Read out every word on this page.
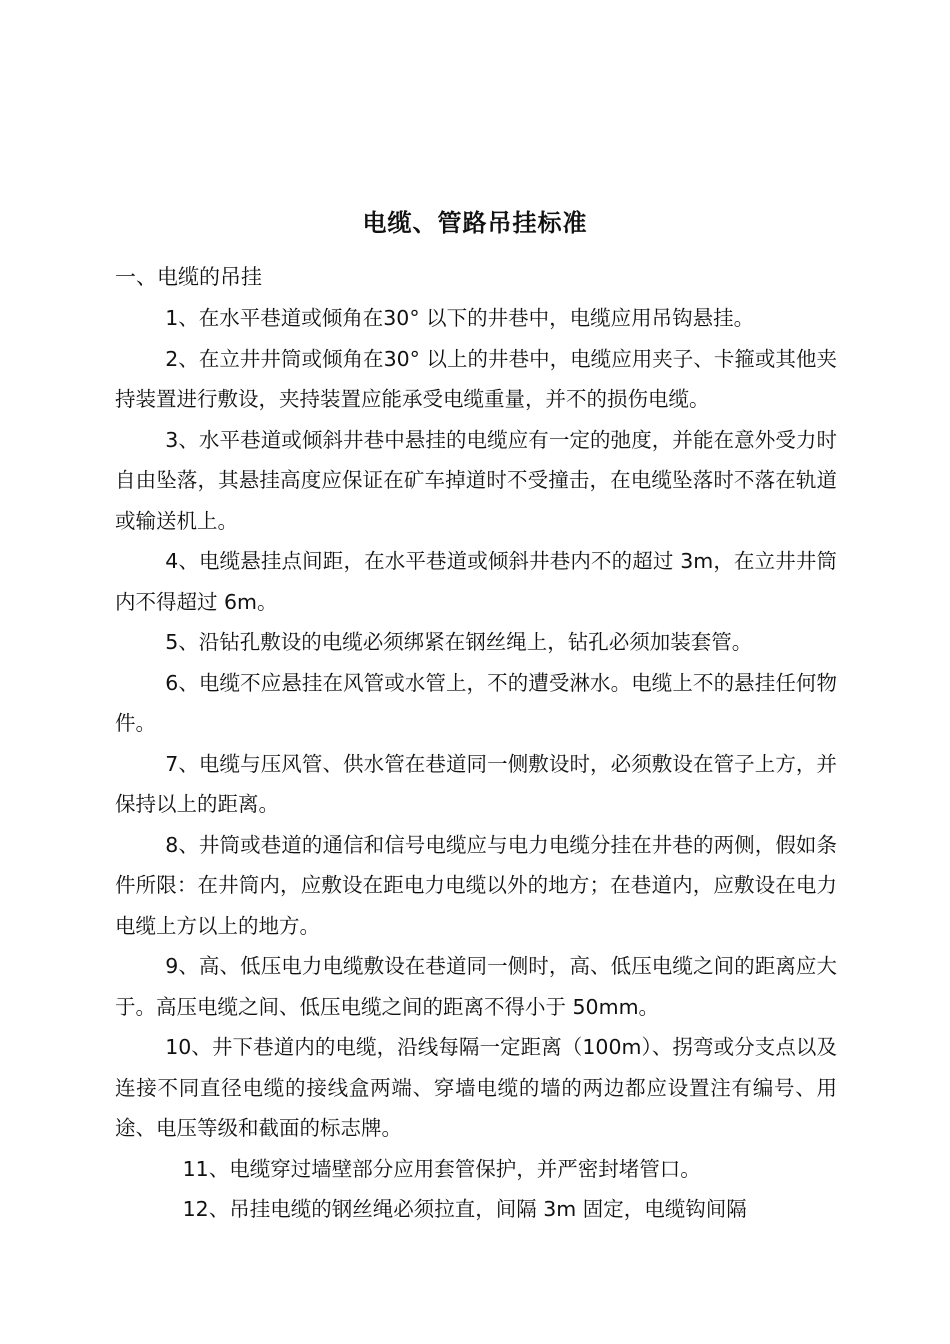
电缆、管路吊挂标准
一、电缆的吊挂

1、在水平巷道或倾角在30° 以下的井巷中，电缆应用吊钩悬挂。

2、在立井井筒或倾角在30° 以上的井巷中，电缆应用夹子、卡箍或其他夹持装置进行敷设，夹持装置应能承受电缆重量，并不的损伤电缆。

3、水平巷道或倾斜井巷中悬挂的电缆应有一定的弛度，并能在意外受力时自由坠落，其悬挂高度应保证在矿车掉道时不受撞击，在电缆坠落时不落在轨道或输送机上。

4、电缆悬挂点间距，在水平巷道或倾斜井巷内不的超过 3m，在立井井筒内不得超过 6m。

5、沿钻孔敷设的电缆必须绑紧在钢丝绳上，钻孔必须加装套管。

6、电缆不应悬挂在风管或水管上，不的遭受淋水。电缆上不的悬挂任何物件。

7、电缆与压风管、供水管在巷道同一侧敷设时，必须敷设在管子上方，并保持以上的距离。

8、井筒或巷道的通信和信号电缆应与电力电缆分挂在井巷的两侧，假如条件所限：在井筒内，应敷设在距电力电缆以外的地方；在巷道内，应敷设在电力电缆上方以上的地方。

9、高、低压电力电缆敷设在巷道同一侧时，高、低压电缆之间的距离应大于。高压电缆之间、低压电缆之间的距离不得小于 50mm。

10、井下巷道内的电缆，沿线每隔一定距离（100m）、拐弯或分支点以及连接不同直径电缆的接线盒两端、穿墙电缆的墙的两边都应设置注有编号、用途、电压等级和截面的标志牌。

11、电缆穿过墙壁部分应用套管保护，并严密封堵管口。

12、吊挂电缆的钢丝绳必须拉直，间隔 3m 固定，电缆钩间隔
